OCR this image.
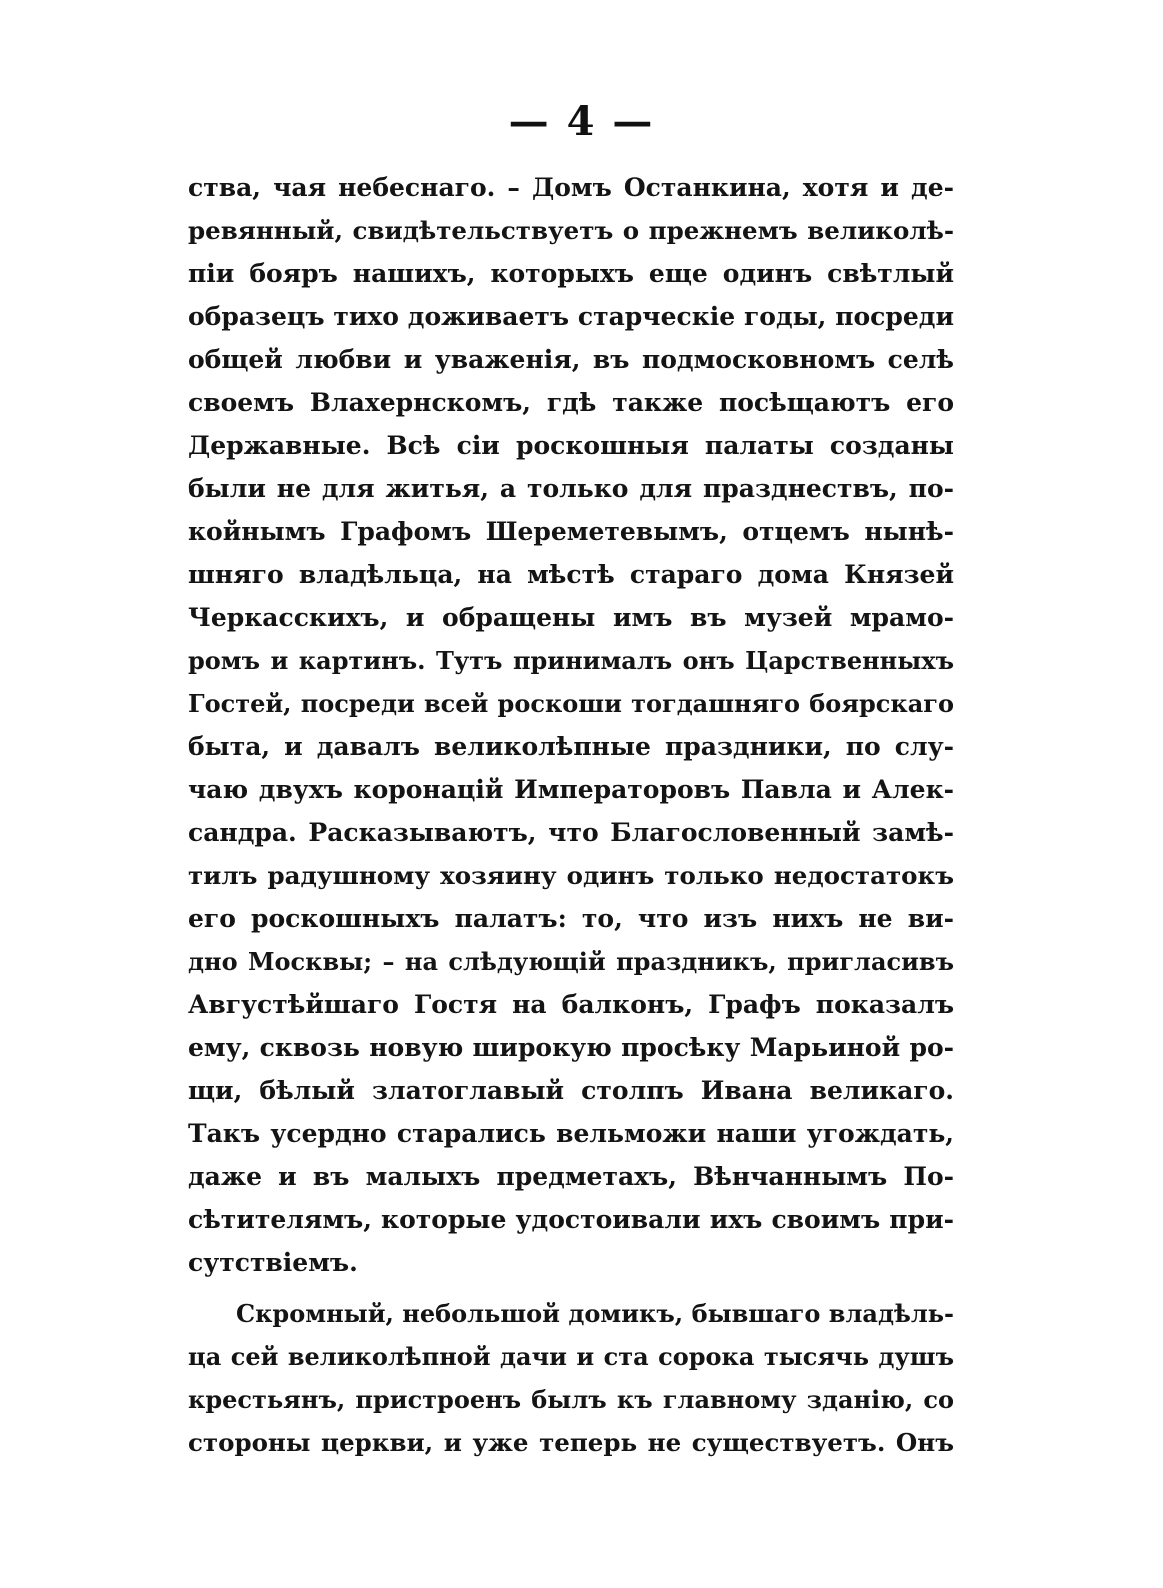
— 4 —
ства, чая небеснаго. – Домъ Останкина, хотя и де-
ревянный, свидѣтельствуетъ о прежнемъ великолѣ-
піи бояръ нашихъ, которыхъ еще одинъ свѣтлый
образецъ тихо доживаетъ старческіе годы, посреди
общей любви и уваженія, въ подмосковномъ селѣ
своемъ Влахернскомъ, гдѣ также посѣщаютъ его
Державные. Всѣ сіи роскошныя палаты созданы
были не для житья, а только для празднествъ, по-
койнымъ Графомъ Шереметевымъ, отцемъ нынѣ-
шняго владѣльца, на мѣстѣ стараго дома Князей
Черкасскихъ, и обращены имъ въ музей мрамо-
ромъ и картинъ. Тутъ принималъ онъ Царственныхъ
Гостей, посреди всей роскоши тогдашняго боярскаго
быта, и давалъ великолѣпные праздники, по слу-
чаю двухъ коронацій Императоровъ Павла и Алек-
сандра. Расказываютъ, что Благословенный замѣ-
тилъ радушному хозяину одинъ только недостатокъ
его роскошныхъ палатъ: то, что изъ нихъ не ви-
дно Москвы; – на слѣдующій праздникъ, пригласивъ
Августѣйшаго Гостя на балконъ, Графъ показалъ
ему, сквозь новую широкую просѣку Марьиной ро-
щи, бѣлый златоглавый столпъ Ивана великаго.
Такъ усердно старались вельможи наши угождать,
даже и въ малыхъ предметахъ, Вѣнчаннымъ По-
сѣтителямъ, которые удостоивали ихъ своимъ при-
сутствіемъ.
Скромный, небольшой домикъ, бывшаго владѣль-
ца сей великолѣпной дачи и ста сорока тысячь душъ
крестьянъ, пристроенъ былъ къ главному зданію, со
стороны церкви, и уже теперь не существуетъ. Онъ
